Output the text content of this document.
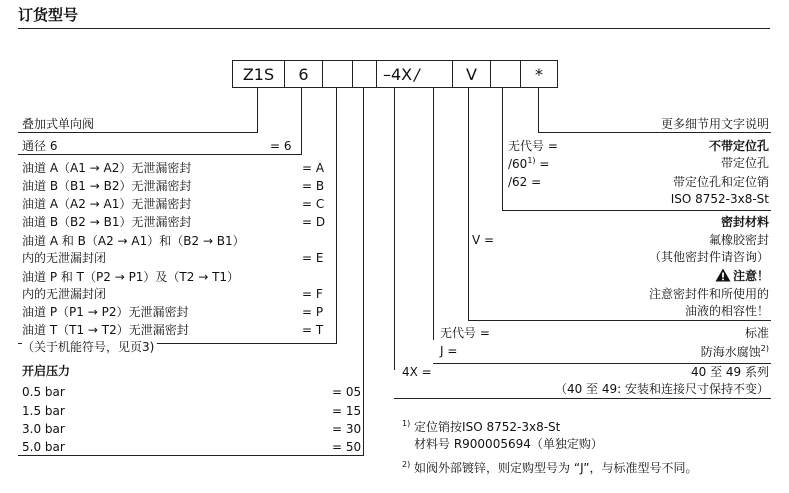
订货型号
Z1S	6	–4X /	V	*
叠加式单向阀
通径 6	= 6
油道 A（A1 → A2）无泄漏密封	= A
油道 B（B1 → B2）无泄漏密封	= B
油道 A（A2 → A1）无泄漏密封	= C
油道 B（B2 → B1）无泄漏密封	= D
油道 A 和 B（A2 → A1）和（B2 → B1）
内的无泄漏封闭	= E
油道 P 和 T（P2 → P1）及（T2 → T1）
内的无泄漏封闭	= F
油道 P（P1 → P2）无泄漏密封	= P
油道 T（T1 → T2）无泄漏密封	= T
（关于机能符号，见页3)
开启压力
0.5 bar	= 05
1.5 bar	= 15
3.0 bar	= 30
5.0 bar	= 50
更多细节用文字说明
无代号 =	不带定位孔
$/60^{1)}$ =	带定位孔
/62 =	带定位孔和定位销
ISO 8752-3x8-St
密封材料
V =	氟橡胶密封
（其他密封件请咨询）
注意！
注意密封件和所使用的
油液的相容性！
无代号 =	标准
J =	防海水腐蚀$^{2)}$
4X =	40 至 49 系列
（40 至 49: 安装和连接尺寸保持不变）
$^{1)}$ 定位销按ISO 8752-3x8-St
材料号 R900005694（单独定购）
$^{2)}$ 如阀外部镀锌，则定购型号为 “J”，与标准型号不同。
